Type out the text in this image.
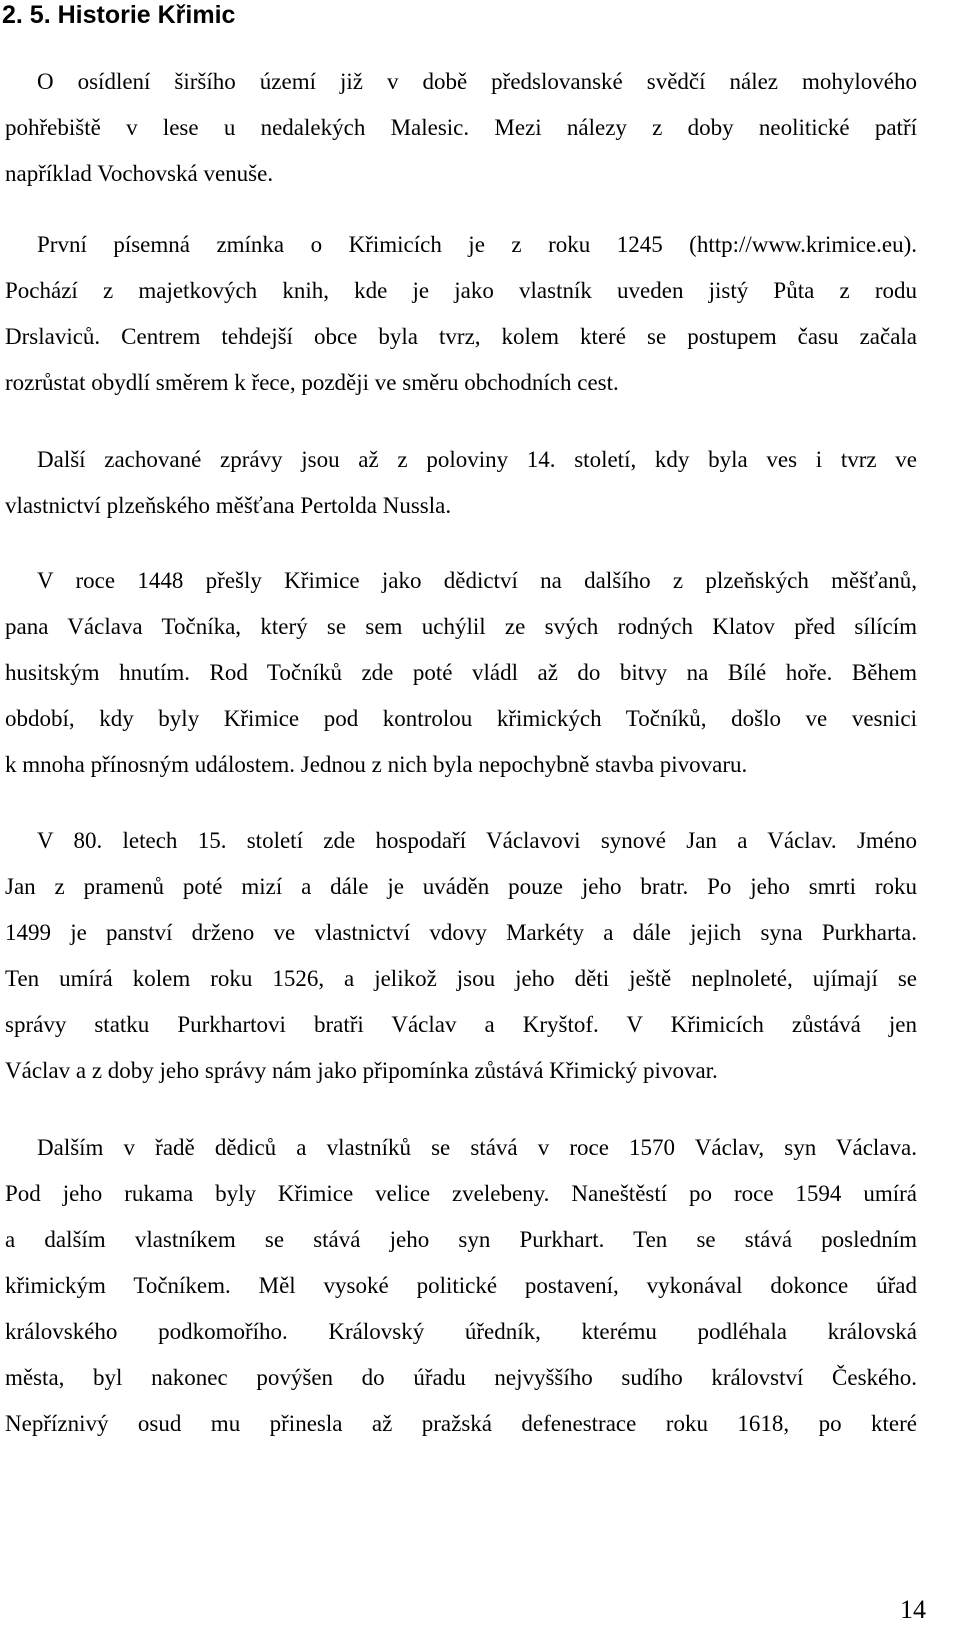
2. 5. Historie Křimic
O osídlení širšího území již v době předslovanské svědčí nález mohylového
pohřebiště v lese u nedalekých Malesic. Mezi nálezy z doby neolitické patří
například Vochovská venuše.
První písemná zmínka o Křimicích je z roku 1245 (http://www.krimice.eu).
Pochází z majetkových knih, kde je jako vlastník uveden jistý Půta z rodu
Drslaviců. Centrem tehdejší obce byla tvrz, kolem které se postupem času začala
rozrůstat obydlí směrem k řece, později ve směru obchodních cest.
Další zachované zprávy jsou až z poloviny 14. století, kdy byla ves i tvrz ve
vlastnictví plzeňského měšťana Pertolda Nussla.
V roce 1448 přešly Křimice jako dědictví na dalšího z plzeňských měšťanů,
pana Václava Točníka, který se sem uchýlil ze svých rodných Klatov před sílícím
husitským hnutím. Rod Točníků zde poté vládl až do bitvy na Bílé hoře. Během
období, kdy byly Křimice pod kontrolou křimických Točníků, došlo ve vesnici
k mnoha přínosným událostem. Jednou z nich byla nepochybně stavba pivovaru.
V 80. letech 15. století zde hospodaří Václavovi synové Jan a Václav. Jméno
Jan z pramenů poté mizí a dále je uváděn pouze jeho bratr. Po jeho smrti roku
1499 je panství drženo ve vlastnictví vdovy Markéty a dále jejich syna Purkharta.
Ten umírá kolem roku 1526, a jelikož jsou jeho děti ještě neplnoleté, ujímají se
správy statku Purkhartovi bratři Václav a Kryštof. V Křimicích zůstává jen
Václav a z doby jeho správy nám jako připomínka zůstává Křimický pivovar.
Dalším v řadě dědiců a vlastníků se stává v roce 1570 Václav, syn Václava.
Pod jeho rukama byly Křimice velice zvelebeny. Naneštěstí po roce 1594 umírá
a dalším vlastníkem se stává jeho syn Purkhart. Ten se stává posledním
křimickým Točníkem. Měl vysoké politické postavení, vykonával dokonce úřad
královského podkomořího. Královský úředník, kterému podléhala královská
města, byl nakonec povýšen do úřadu nejvyššího sudího království Českého.
Nepříznivý osud mu přinesla až pražská defenestrace roku 1618, po které
14
